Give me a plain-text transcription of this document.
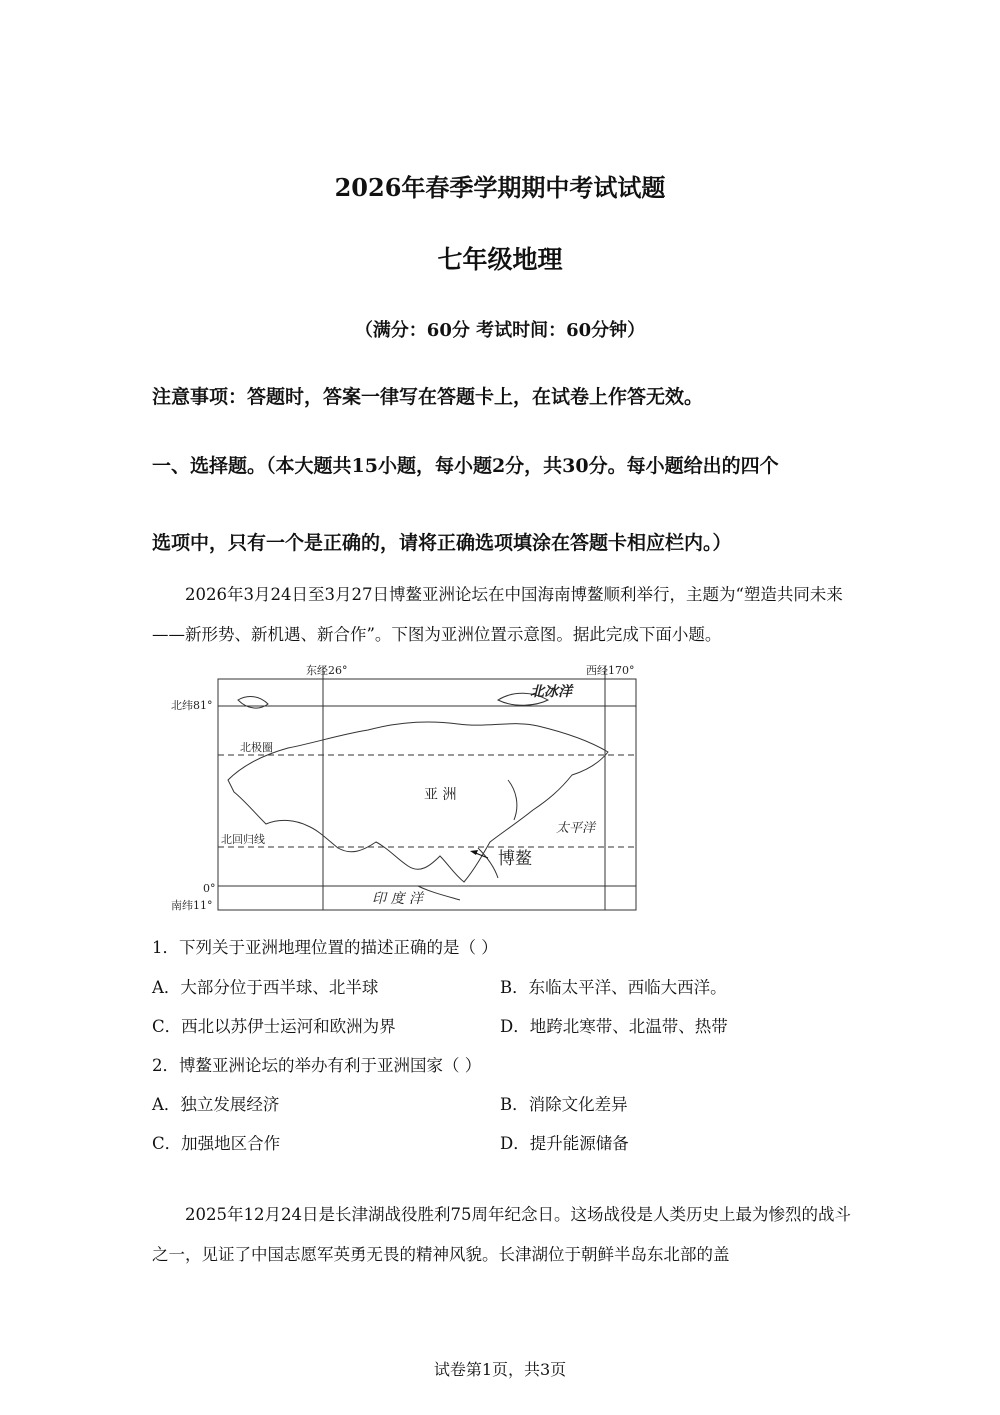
2026年春季学期期中考试试题
七年级地理
（满分：60分 考试时间：60分钟）
注意事项：答题时，答案一律写在答题卡上，在试卷上作答无效。
一、选择题。（本大题共15小题，每小题2分，共30分。每小题给出的四个
选项中，只有一个是正确的，请将正确选项填涂在答题卡相应栏内。）
2026年3月24日至3月27日博鳌亚洲论坛在中国海南博鳌顺利举行，主题为“塑造共同未来——新形势、新机遇、新合作”。下图为亚洲位置示意图。据此完成下面小题。
东经26°	西经170°
北纬81°
北极圈
北回归线
0°
南纬11°
北冰洋
亚 洲
太平洋
印 度 洋
博鳌
1．下列关于亚洲地理位置的描述正确的是（ ）
A．大部分位于西半球、北半球	B．东临太平洋、西临大西洋。
C．西北以苏伊士运河和欧洲为界	D．地跨北寒带、北温带、热带
2．博鳌亚洲论坛的举办有利于亚洲国家（ ）
A．独立发展经济	B．消除文化差异
C．加强地区合作	D．提升能源储备
2025年12月24日是长津湖战役胜利75周年纪念日。这场战役是人类历史上最为惨烈的战斗之一，见证了中国志愿军英勇无畏的精神风貌。长津湖位于朝鲜半岛东北部的盖
试卷第1页，共3页
